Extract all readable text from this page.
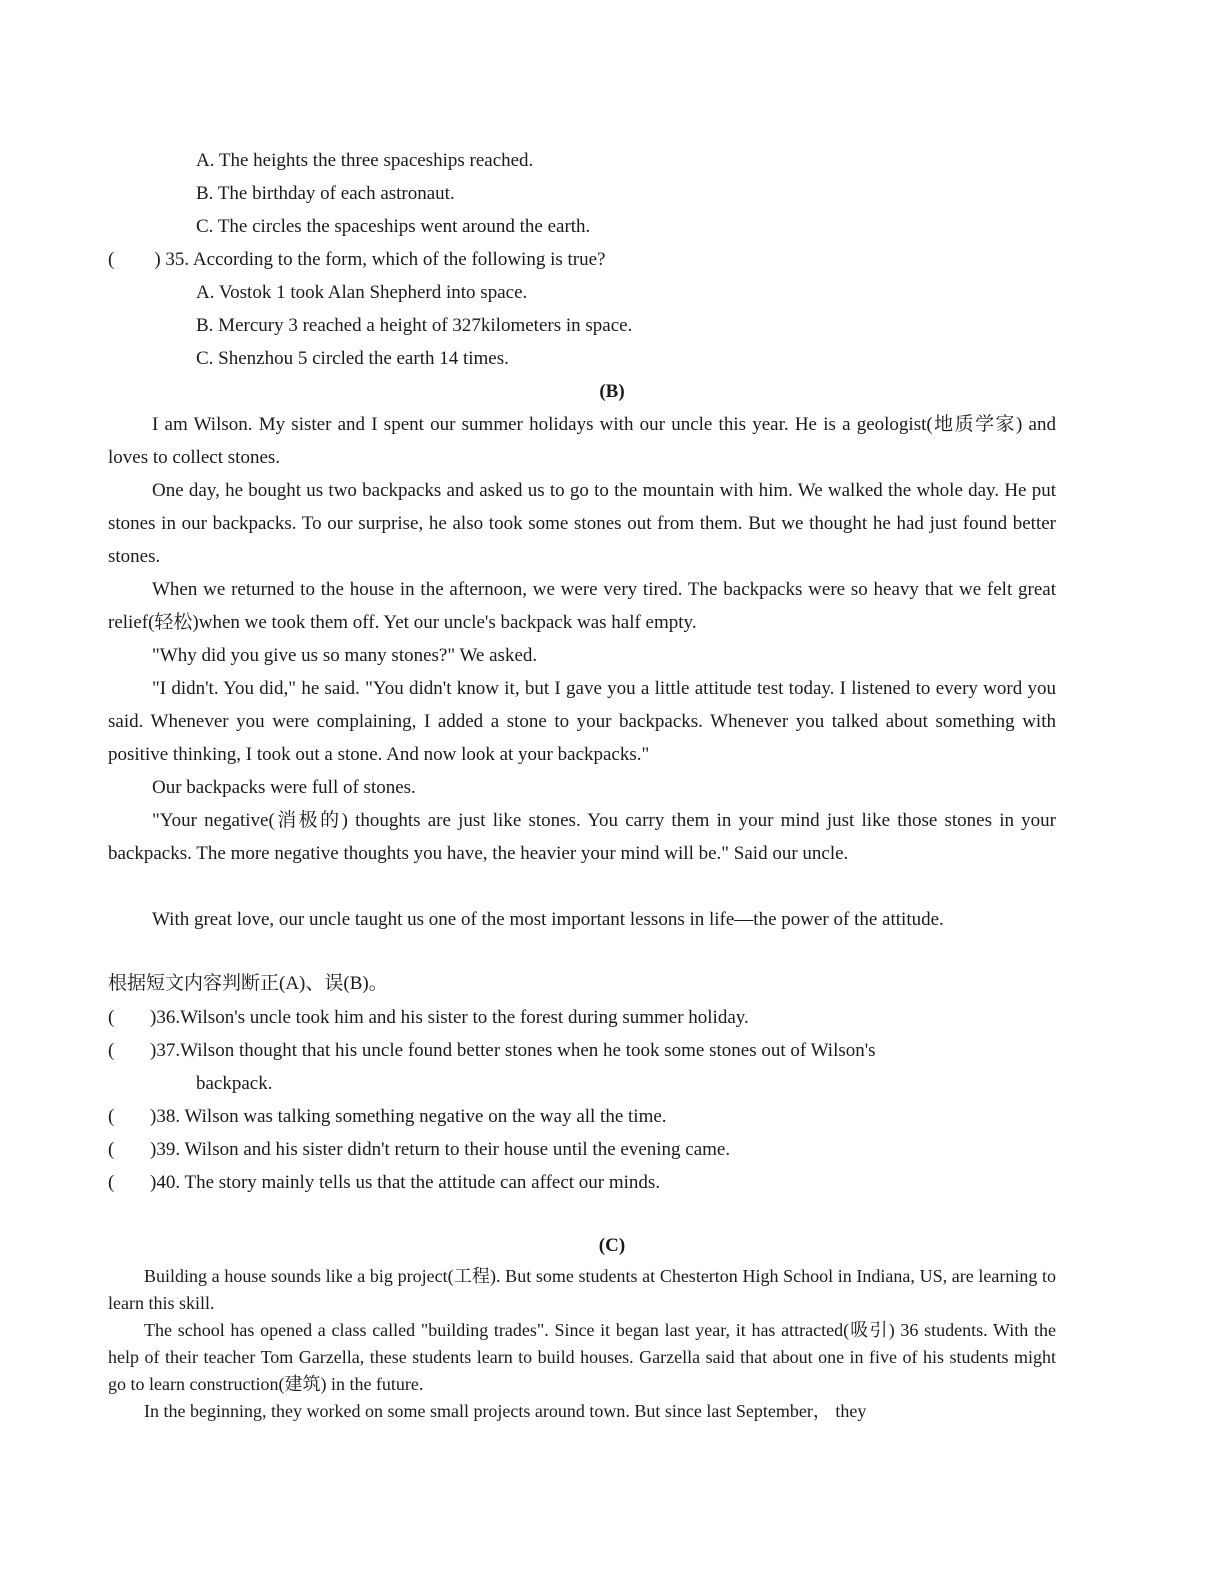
A. The heights the three spaceships reached.
B. The birthday of each astronaut.
C. The circles the spaceships went around the earth.
( ) 35. According to the form, which of the following is true?
A. Vostok 1 took Alan Shepherd into space.
B. Mercury 3 reached a height of 327kilometers in space.
C. Shenzhou 5 circled the earth 14 times.
(B)
I am Wilson. My sister and I spent our summer holidays with our uncle this year. He is a geologist(地质学家) and loves to collect stones.
One day, he bought us two backpacks and asked us to go to the mountain with him. We walked the whole day. He put stones in our backpacks. To our surprise, he also took some stones out from them. But we thought he had just found better stones.
When we returned to the house in the afternoon, we were very tired. The backpacks were so heavy that we felt great relief(轻松)when we took them off. Yet our uncle's backpack was half empty.
"Why did you give us so many stones?" We asked.
"I didn't. You did," he said. "You didn't know it, but I gave you a little attitude test today. I listened to every word you said. Whenever you were complaining, I added a stone to your backpacks. Whenever you talked about something with positive thinking, I took out a stone. And now look at your backpacks."
Our backpacks were full of stones.
"Your negative(消极的) thoughts are just like stones. You carry them in your mind just like those stones in your backpacks. The more negative thoughts you have, the heavier your mind will be." Said our uncle.
With great love, our uncle taught us one of the most important lessons in life—the power of the attitude.
根据短文内容判断正(A)、误(B)。
( )36.Wilson's uncle took him and his sister to the forest during summer holiday.
( )37.Wilson thought that his uncle found better stones when he took some stones out of Wilson's
backpack.
( )38. Wilson was talking something negative on the way all the time.
( )39. Wilson and his sister didn't return to their house until the evening came.
( )40. The story mainly tells us that the attitude can affect our minds.
(C)
Building a house sounds like a big project(工程). But some students at Chesterton High School in Indiana, US, are learning to learn this skill.
The school has opened a class called "building trades". Since it began last year, it has attracted(吸引) 36 students. With the help of their teacher Tom Garzella, these students learn to build houses. Garzella said that about one in five of his students might go to learn construction(建筑) in the future.
In the beginning, they worked on some small projects around town. But since last September， they
